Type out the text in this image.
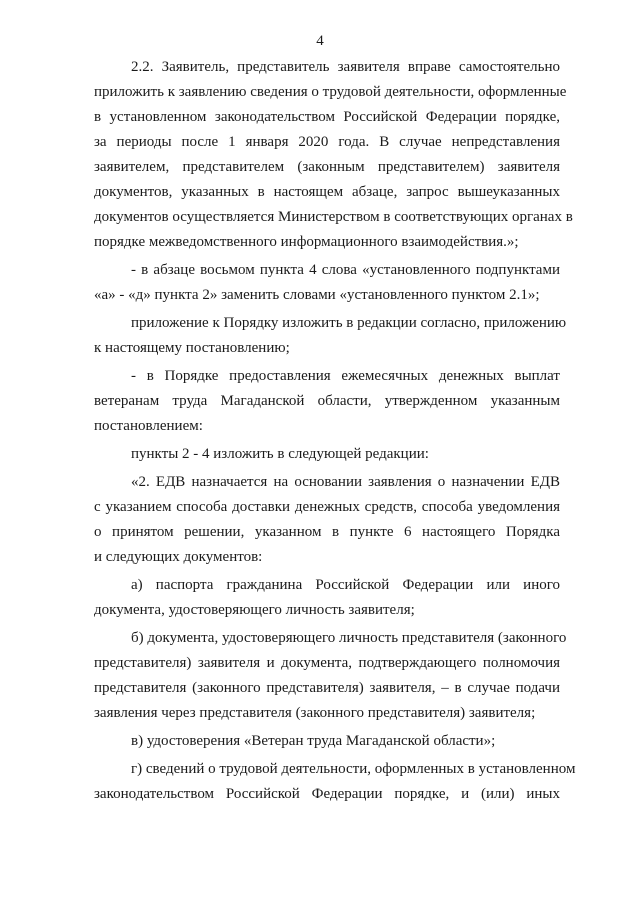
4
2.2. Заявитель, представитель заявителя вправе самостоятельно
приложить к заявлению сведения о трудовой деятельности, оформленные
в установленном законодательством Российской Федерации порядке,
за периоды после 1 января 2020 года. В случае непредставления
заявителем, представителем (законным представителем) заявителя
документов, указанных в настоящем абзаце, запрос вышеуказанных
документов осуществляется Министерством в соответствующих органах в
порядке межведомственного информационного взаимодействия.»;
- в абзаце восьмом пункта 4 слова «установленного подпунктами
«а» - «д» пункта 2» заменить словами «установленного пунктом 2.1»;
приложение к Порядку изложить в редакции согласно, приложению
к настоящему постановлению;
- в Порядке предоставления ежемесячных денежных выплат
ветеранам труда Магаданской области, утвержденном указанным
постановлением:
пункты 2 - 4 изложить в следующей редакции:
«2. ЕДВ назначается на основании заявления о назначении ЕДВ
с указанием способа доставки денежных средств, способа уведомления
о принятом решении, указанном в пункте 6 настоящего Порядка
и следующих документов:
а) паспорта гражданина Российской Федерации или иного
документа, удостоверяющего личность заявителя;
б) документа, удостоверяющего личность представителя (законного
представителя) заявителя и документа, подтверждающего полномочия
представителя (законного представителя) заявителя, – в случае подачи
заявления через представителя (законного представителя) заявителя;
в) удостоверения «Ветеран труда Магаданской области»;
г) сведений о трудовой деятельности, оформленных в установленном
законодательством Российской Федерации порядке, и (или) иных
